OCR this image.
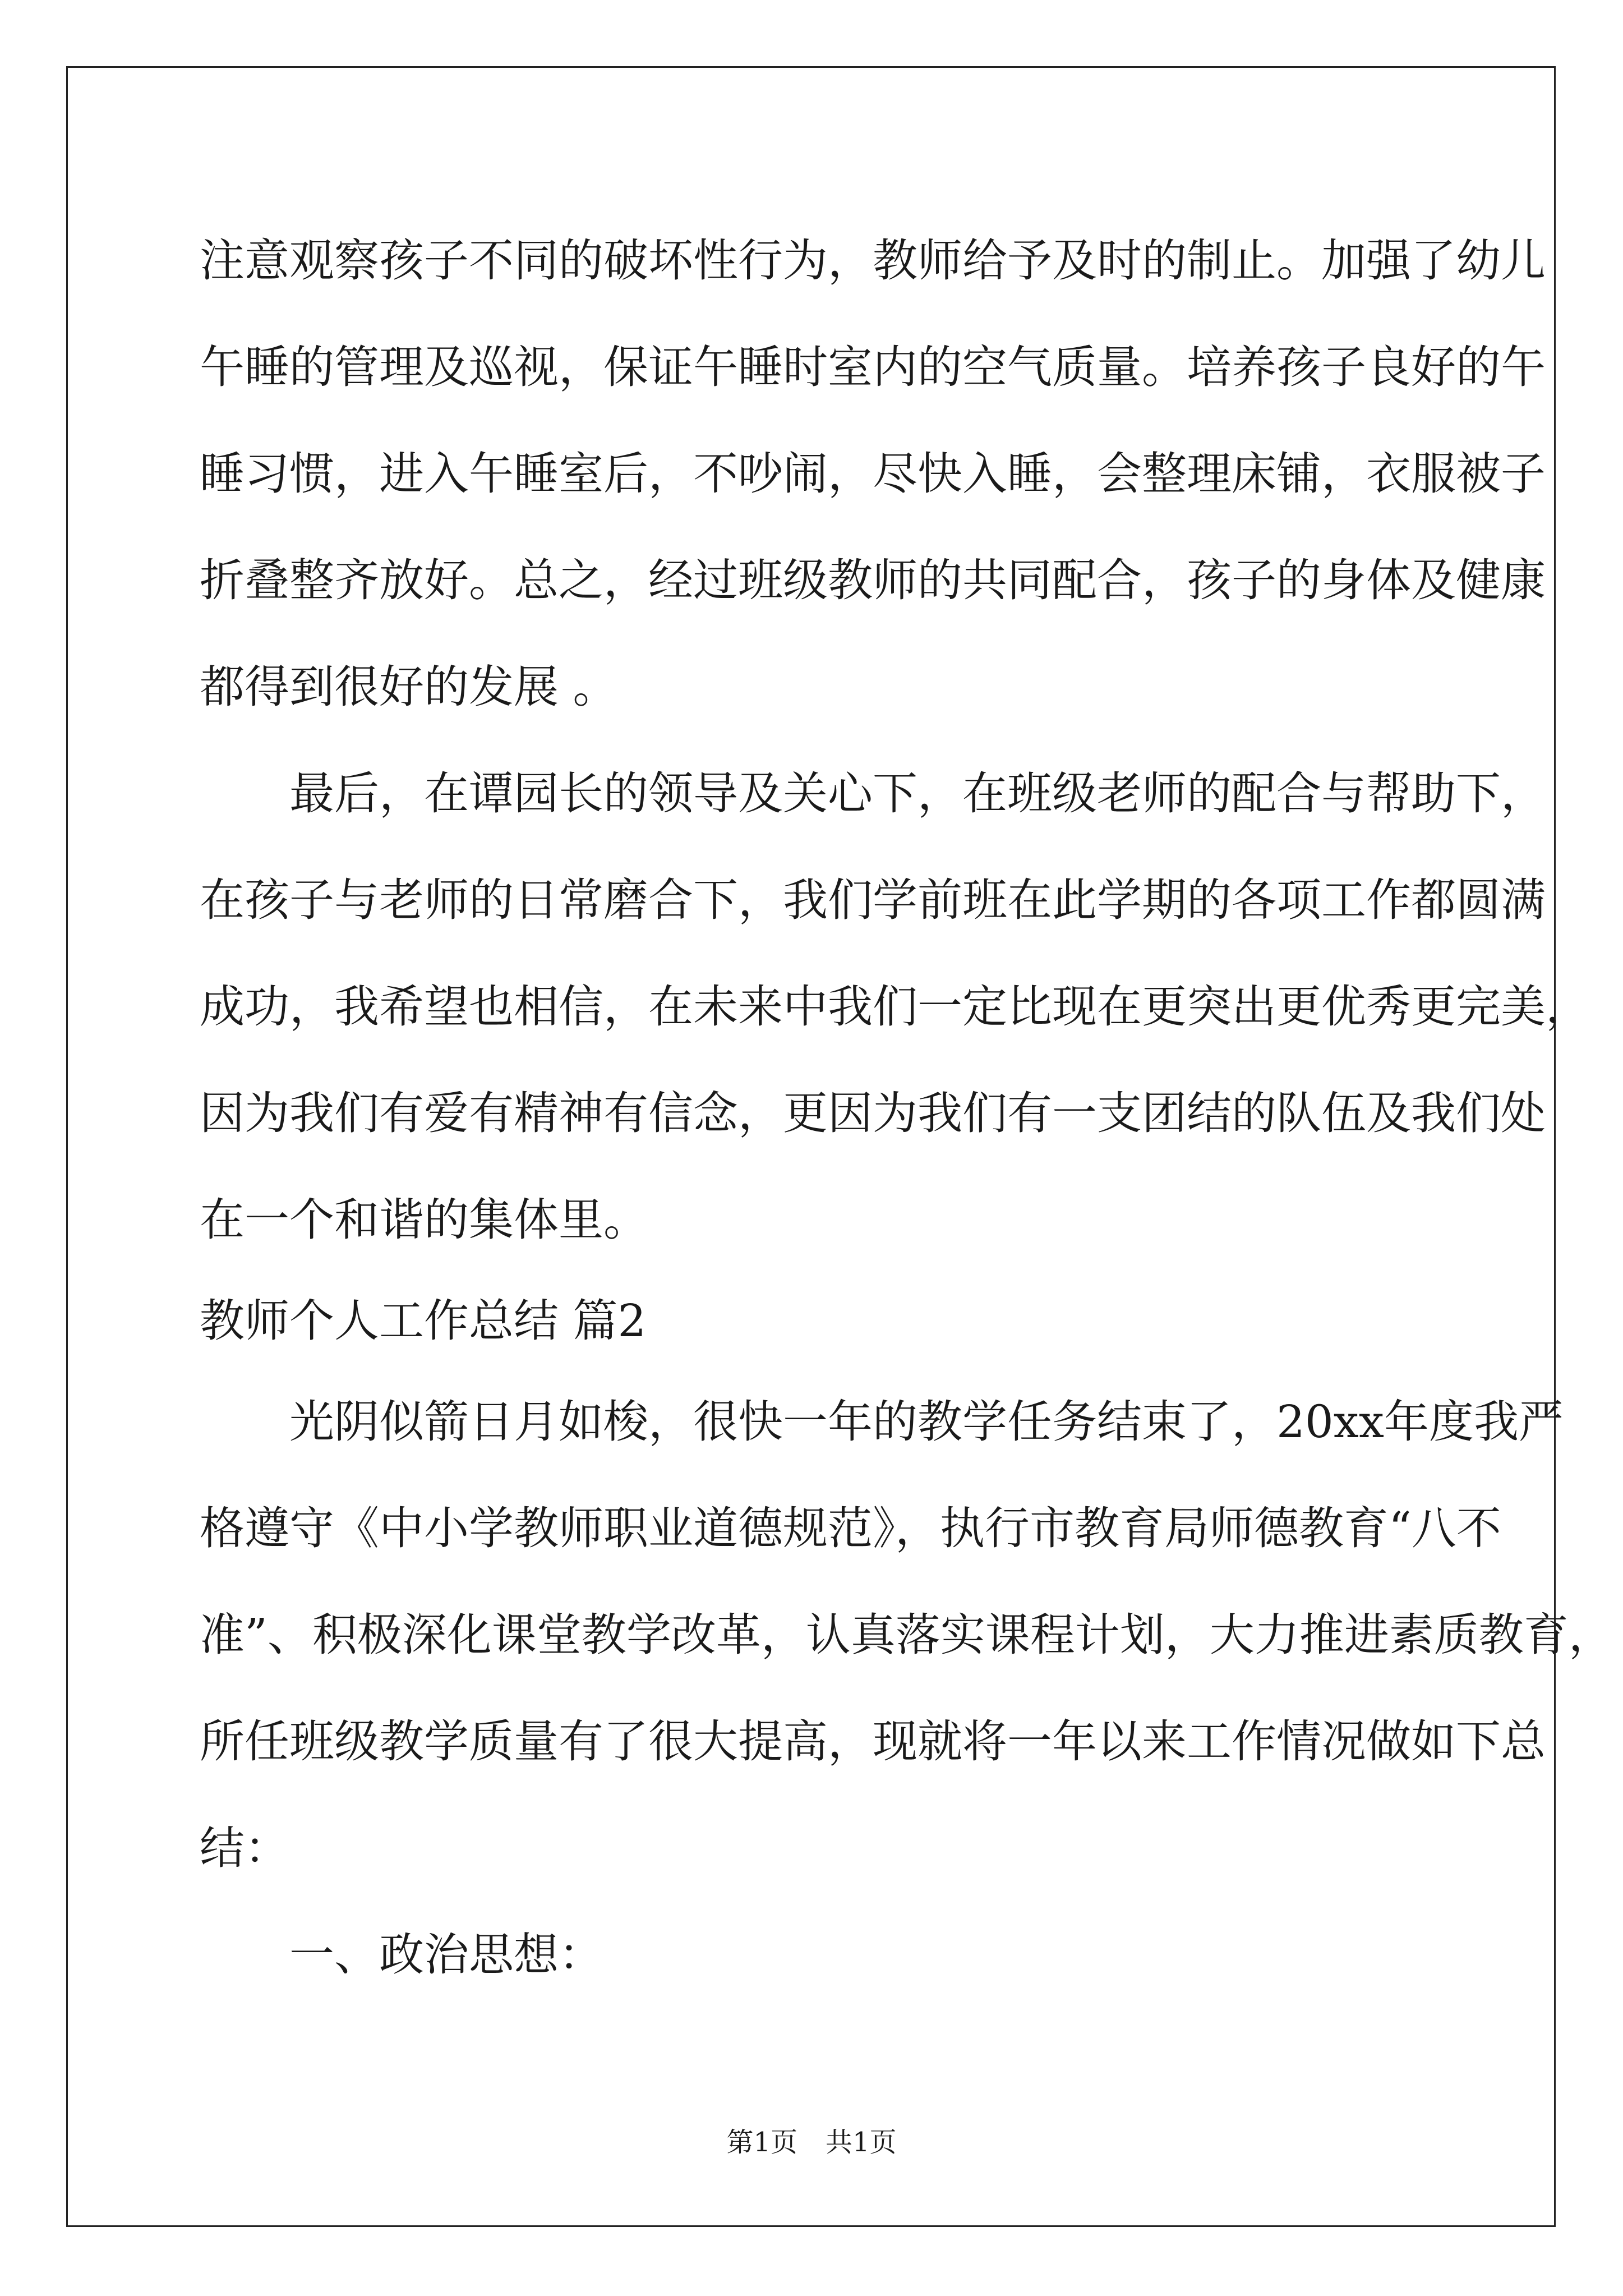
注意观察孩子不同的破坏性行为，教师给予及时的制止。加强了幼儿
午睡的管理及巡视，保证午睡时室内的空气质量。培养孩子良好的午
睡习惯，进入午睡室后，不吵闹，尽快入睡，会整理床铺，衣服被子
折叠整齐放好。总之，经过班级教师的共同配合，孩子的身体及健康
都得到很好的发展 。
最后，在谭园长的领导及关心下，在班级老师的配合与帮助下，
在孩子与老师的日常磨合下，我们学前班在此学期的各项工作都圆满
成功，我希望也相信，在未来中我们一定比现在更突出更优秀更完美，
因为我们有爱有精神有信念，更因为我们有一支团结的队伍及我们处
在一个和谐的集体里。
教师个人工作总结 篇2
光阴似箭日月如梭，很快一年的教学任务结束了，20xx年度我严
格遵守《中小学教师职业道德规范》，执行市教育局师德教育“八不
准”、积极深化课堂教学改革，认真落实课程计划，大力推进素质教育，
所任班级教学质量有了很大提高，现就将一年以来工作情况做如下总
结：
一、政治思想：
第1页 共1页
